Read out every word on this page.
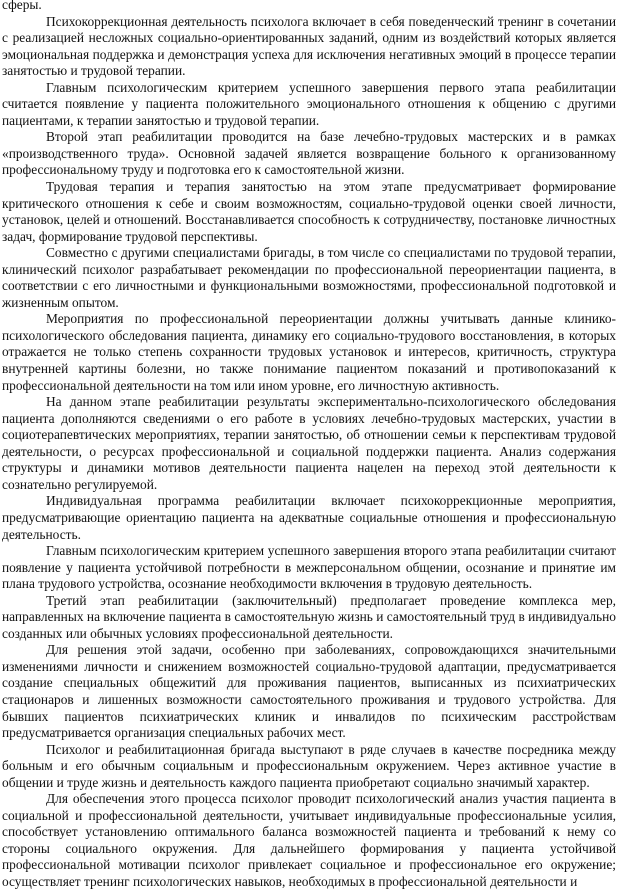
сферы.

Психокоррекционная деятельность психолога включает в себя поведенческий тренинг в сочетании с реализацией несложных социально-ориентированных заданий, одним из воздействий которых является эмоциональная поддержка и демонстрация успеха для исключения негативных эмоций в процессе терапии занятостью и трудовой терапии.

Главным психологическим критерием успешного завершения первого этапа реабилитации считается появление у пациента положительного эмоционального отношения к общению с другими пациентами, к терапии занятостью и трудовой терапии.

Второй этап реабилитации проводится на базе лечебно-трудовых мастерских и в рамках «производственного труда». Основной задачей является возвращение больного к организованному профессиональному труду и подготовка его к самостоятельной жизни.

Трудовая терапия и терапия занятостью на этом этапе предусматривает формирование критического отношения к себе и своим возможностям, социально-трудовой оценки своей личности, установок, целей и отношений. Восстанавливается способность к сотрудничеству, постановке личностных задач, формирование трудовой перспективы.

Совместно с другими специалистами бригады, в том числе со специалистами по трудовой терапии, клинический психолог разрабатывает рекомендации по профессиональной переориентации пациента, в соответствии с его личностными и функциональными возможностями, профессиональной подготовкой и жизненным опытом.

Мероприятия по профессиональной переориентации должны учитывать данные клинико-психологического обследования пациента, динамику его социально-трудового восстановления, в которых отражается не только степень сохранности трудовых установок и интересов, критичность, структура внутренней картины болезни, но также понимание пациентом показаний и противопоказаний к профессиональной деятельности на том или ином уровне, его личностную активность.

На данном этапе реабилитации результаты экспериментально-психологического обследования пациента дополняются сведениями о его работе в условиях лечебно-трудовых мастерских, участии в социотерапевтических мероприятиях, терапии занятостью, об отношении семьи к перспективам трудовой деятельности, о ресурсах профессиональной и социальной поддержки пациента. Анализ содержания структуры и динамики мотивов деятельности пациента нацелен на переход этой деятельности к сознательно регулируемой.

Индивидуальная программа реабилитации включает психокоррекционные мероприятия, предусматривающие ориентацию пациента на адекватные социальные отношения и профессиональную деятельность.

Главным психологическим критерием успешного завершения второго этапа реабилитации считают появление у пациента устойчивой потребности в межперсональном общении, осознание и принятие им плана трудового устройства, осознание необходимости включения в трудовую деятельность.

Третий этап реабилитации (заключительный) предполагает проведение комплекса мер, направленных на включение пациента в самостоятельную жизнь и самостоятельный труд в индивидуально созданных или обычных условиях профессиональной деятельности.

Для решения этой задачи, особенно при заболеваниях, сопровождающихся значительными изменениями личности и снижением возможностей социально-трудовой адаптации, предусматривается создание специальных общежитий для проживания пациентов, выписанных из психиатрических стационаров и лишенных возможности самостоятельного проживания и трудового устройства. Для бывших пациентов психиатрических клиник и инвалидов по психическим расстройствам предусматривается организация специальных рабочих мест.

Психолог и реабилитационная бригада выступают в ряде случаев в качестве посредника между больным и его обычным социальным и профессиональным окружением. Через активное участие в общении и труде жизнь и деятельность каждого пациента приобретают социально значимый характер.

Для обеспечения этого процесса психолог проводит психологический анализ участия пациента в социальной и профессиональной деятельности, учитывает индивидуальные профессиональные усилия, способствует установлению оптимального баланса возможностей пациента и требований к нему со стороны социального окружения. Для дальнейшего формирования у пациента устойчивой профессиональной мотивации психолог привлекает социальное и профессиональное его окружение; осуществляет тренинг психологических навыков, необходимых в профессиональной деятельности и
